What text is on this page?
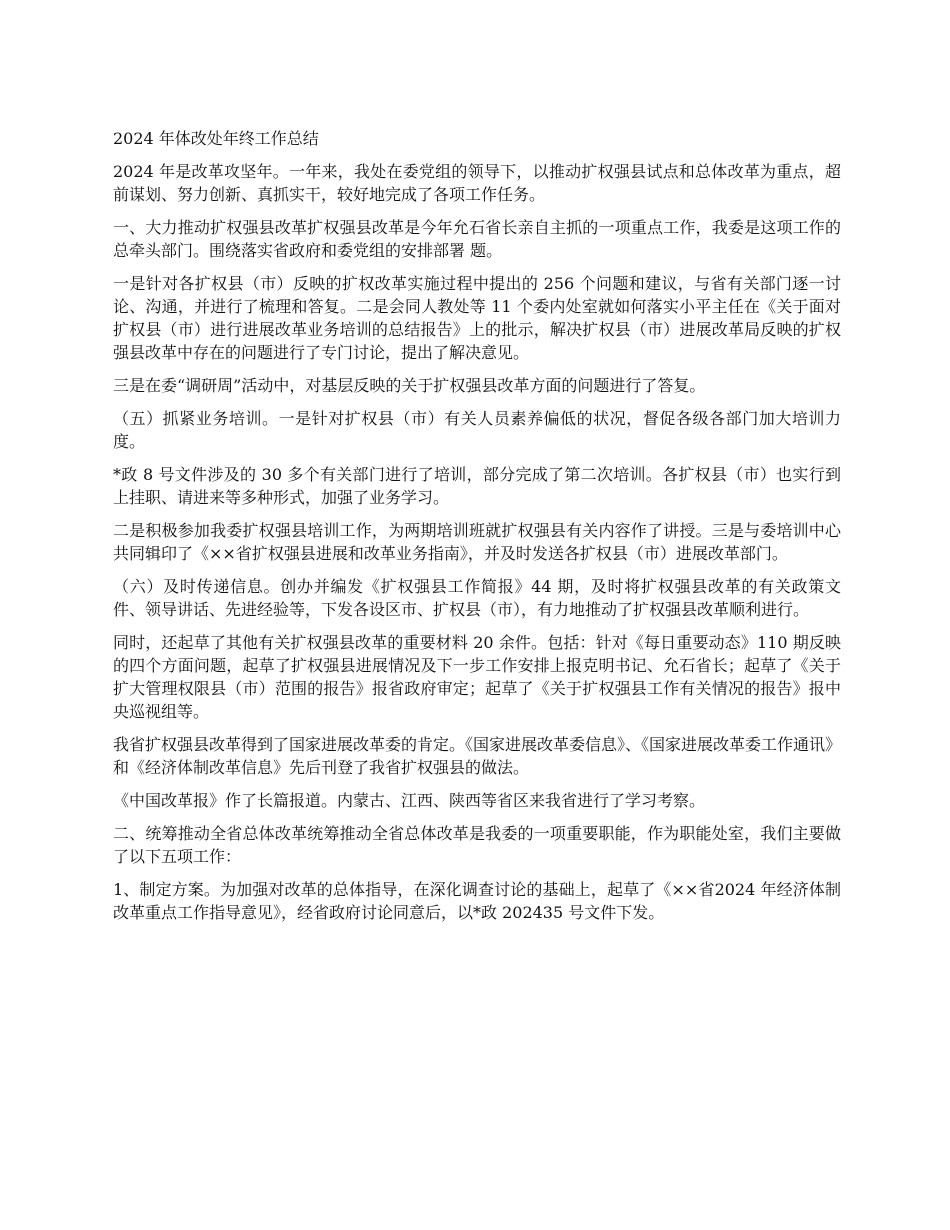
2024 年体改处年终工作总结

2024 年是改革攻坚年。一年来，我处在委党组的领导下，以推动扩权强县试点和总体改革为重点，超前谋划、努力创新、真抓实干，较好地完成了各项工作任务。

一、大力推动扩权强县改革扩权强县改革是今年允石省长亲自主抓的一项重点工作，我委是这项工作的总牵头部门。围绕落实省政府和委党组的安排部署 题。

一是针对各扩权县（市）反映的扩权改革实施过程中提出的 256 个问题和建议，与省有关部门逐一讨论、沟通，并进行了梳理和答复。二是会同人教处等 11 个委内处室就如何落实小平主任在《关于面对扩权县（市）进行进展改革业务培训的总结报告》上的批示，解决扩权县（市）进展改革局反映的扩权强县改革中存在的问题进行了专门讨论，提出了解决意见。

三是在委“调研周”活动中，对基层反映的关于扩权强县改革方面的问题进行了答复。

（五）抓紧业务培训。一是针对扩权县（市）有关人员素养偏低的状况，督促各级各部门加大培训力度。

*政 8 号文件涉及的 30 多个有关部门进行了培训，部分完成了第二次培训。各扩权县（市）也实行到上挂职、请进来等多种形式，加强了业务学习。

二是积极参加我委扩权强县培训工作，为两期培训班就扩权强县有关内容作了讲授。三是与委培训中心共同辑印了《××省扩权强县进展和改革业务指南》，并及时发送各扩权县（市）进展改革部门。

（六）及时传递信息。创办并编发《扩权强县工作简报》44 期，及时将扩权强县改革的有关政策文件、领导讲话、先进经验等，下发各设区市、扩权县（市），有力地推动了扩权强县改革顺利进行。

同时，还起草了其他有关扩权强县改革的重要材料 20 余件。包括：针对《每日重要动态》110 期反映的四个方面问题，起草了扩权强县进展情况及下一步工作安排上报克明书记、允石省长；起草了《关于扩大管理权限县（市）范围的报告》报省政府审定；起草了《关于扩权强县工作有关情况的报告》报中央巡视组等。

我省扩权强县改革得到了国家进展改革委的肯定。《国家进展改革委信息》、《国家进展改革委工作通讯》和《经济体制改革信息》先后刊登了我省扩权强县的做法。

《中国改革报》作了长篇报道。内蒙古、江西、陕西等省区来我省进行了学习考察。

二、统筹推动全省总体改革统筹推动全省总体改革是我委的一项重要职能，作为职能处室，我们主要做了以下五项工作：

1、制定方案。为加强对改革的总体指导，在深化调查讨论的基础上，起草了《××省2024 年经济体制改革重点工作指导意见》，经省政府讨论同意后，以*政 202435 号文件下发。
